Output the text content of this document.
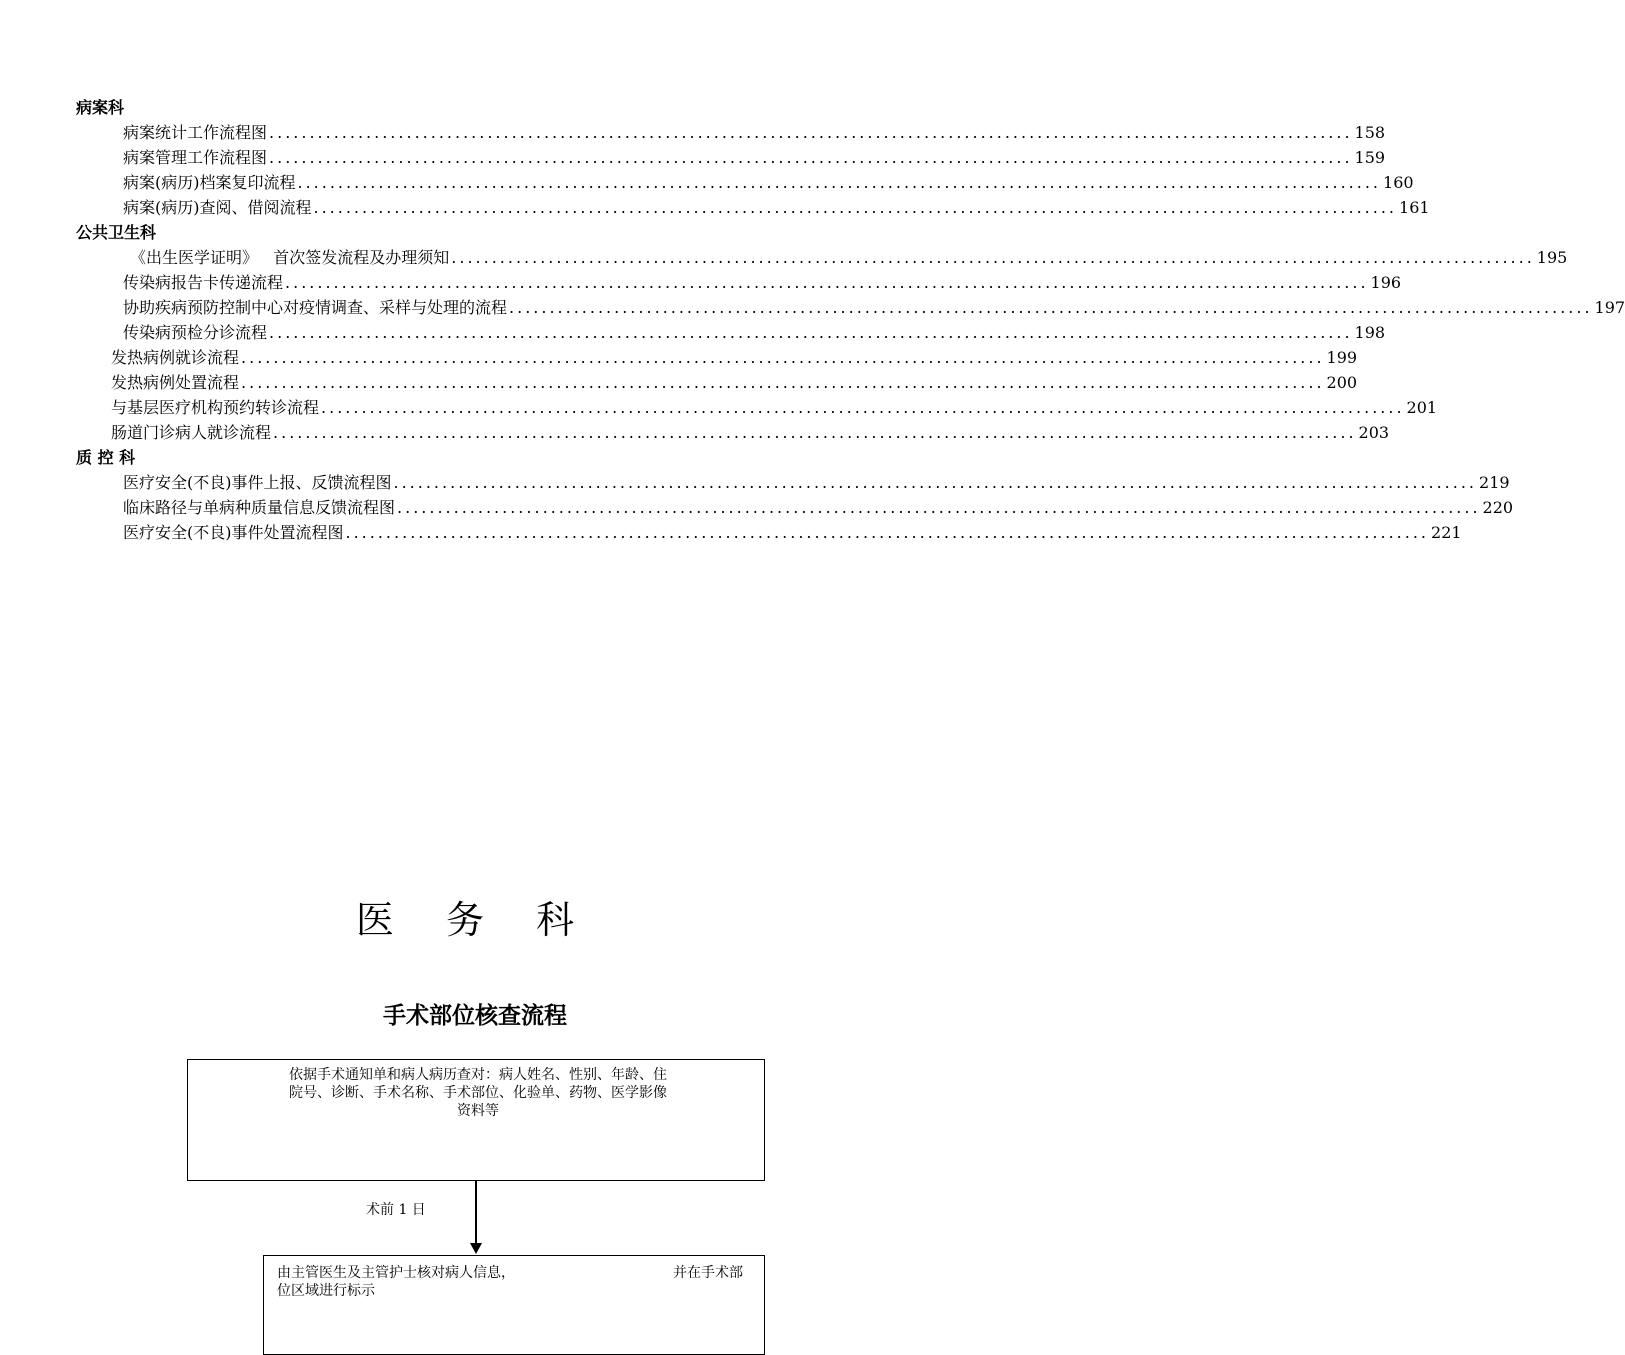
病案科
病案统计工作流程图 ...................................................................................................................................... 158
病案管理工作流程图 ...................................................................................................................................... 159
病案(病历)档案复印流程 ...................................................................................................................................... 160
病案(病历)查阅、借阅流程 ...................................................................................................................................... 161
公共卫生科
《出生医学证明》   首次签发流程及办理须知 ...................................................................................................................................... 195
传染病报告卡传递流程 ...................................................................................................................................... 196
协助疾病预防控制中心对疫情调查、采样与处理的流程 ...................................................................................................................................... 197
传染病预检分诊流程 ...................................................................................................................................... 198
发热病例就诊流程 ...................................................................................................................................... 199
发热病例处置流程 ...................................................................................................................................... 200
与基层医疗机构预约转诊流程 ...................................................................................................................................... 201
肠道门诊病人就诊流程 ...................................................................................................................................... 203
质 控 科
医疗安全(不良)事件上报、反馈流程图 ...................................................................................................................................... 219
临床路径与单病种质量信息反馈流程图 ...................................................................................................................................... 220
医疗安全(不良)事件处置流程图 ...................................................................................................................................... 221
医 务 科
手术部位核查流程
依据手术通知单和病人病历查对：病人姓名、性别、年龄、住院号、诊断、手术名称、手术部位、化验单、药物、医学影像资料等
术前 1 日
由主管医生及主管护士核对病人信息，	并在手术部
位区域进行标示
